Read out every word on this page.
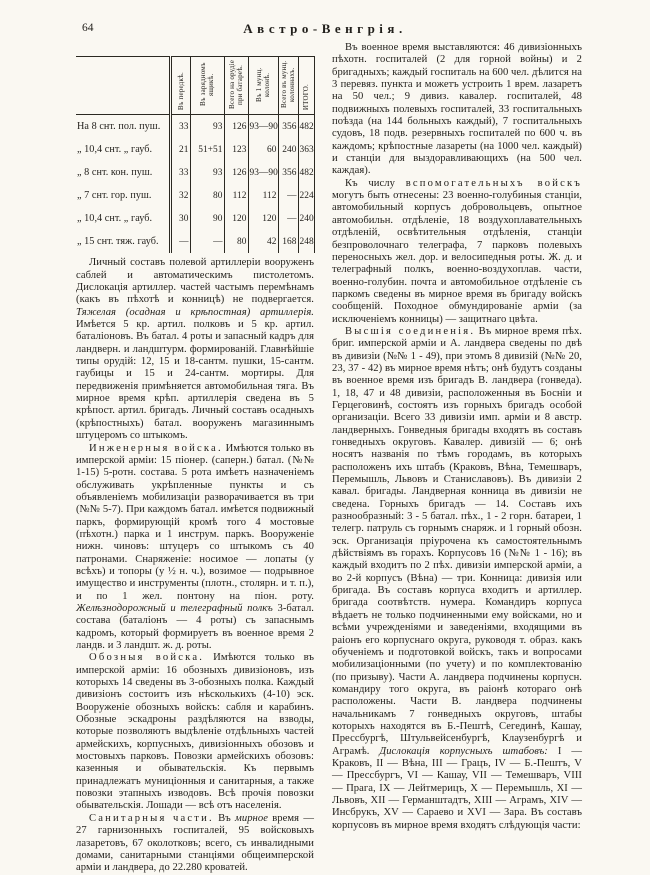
64	Австро-Венгрія.
	Въ передкѣ.	Въ зарядномъ ящикѣ.	Всего на орудіе при батареѣ.	Въ 1 мунц. колонѣ.	Всего въ мунц. колоннахъ.	ИТОГО.
На 8 снт. пол. пуш.	33	93	126	93—90	356	482
„ 10,4 снт. „ гауб.	21	51+51	123	60	240	363
„ 8 снт. кон. пуш.	33	93	126	93—90	356	482
„ 7 снт. гор. пуш.	32	80	112	112	—	224
„ 10,4 снт. „ гауб.	30	90	120	120	—	240
„ 15 снт. тяж. гауб.	—	—	80	42	168	248

Личный составъ полевой артиллеріи вооруженъ саблей и автоматическимъ пистолетомъ. Дислокація артиллер. частей частымъ перемѣнамъ (какъ въ пѣхотѣ и конницѣ) не подвергается. Тяжелая (осадная и крѣпостная) артиллерія. Имѣется 5 кр. артил. полковъ и 5 кр. артил. баталіоновъ. Въ батал. 4 роты и запасный кадръ для ландверн. и ландштурм. формированій. Главнѣйшіе типы орудій: 12, 15 и 18-сантм. пушки, 15-сантм. гаубицы и 15 и 24-сантм. мортиры. Для передвиженія примѣняется автомобильная тяга. Въ мирное время крѣп. артиллерія сведена въ 5 крѣпост. артил. бригадъ. Личный составъ осадныхъ (крѣпостныхъ) батал. вооруженъ магазиннымъ штуцеромъ со штыкомъ.

Инженерныя войска. Имѣются только въ имперской арміи: 15 піонер. (саперн.) батал. (№№ 1-15) 5-ротн. состава. 5 рота имѣетъ назначеніемъ обслуживать укрѣпленные пункты и съ объявленіемъ мобилизаціи разворачивается въ три (№№ 5-7). При каждомъ батал. имѣется подвижный паркъ, формирующій кромѣ того 4 мостовые (пѣхотн.) парка и 1 инструм. паркъ. Вооруженіе нижн. чиновъ: штуцеръ со штыкомъ съ 40 патронами. Снаряженіе: носимое — лопаты (у всѣхъ) и топоры (у ½ н. ч.), возимое — подрывное имущество и инструменты (плотн., столярн. и т. п.), и по 1 жел. понтону на піон. роту. Желѣзнодорожный и телеграфный полкъ 3-батал. состава (баталіонъ — 4 роты) съ запаснымъ кадромъ, который формируетъ въ военное время 2 ландв. и 3 ландшт. ж. д. роты.

Обозныя войска. Имѣются только въ имперской арміи: 16 обозныхъ дивизіоновъ, изъ которыхъ 14 сведены въ 3-обозныхъ полка. Каждый дивизіонъ состоитъ изъ нѣсколькихъ (4-10) эск. Вооруженіе обозныхъ войскъ: сабля и карабинъ. Обозные эскадроны раздѣляются на взводы, которые позволяютъ выдѣленіе отдѣльныхъ частей армейскихъ, корпусныхъ, дивизіонныхъ обозовъ и мостовыхъ парковъ. Повозки армейскихъ обозовъ: казенныя и обывательскія. Къ первымъ принадлежатъ муниціонныя и санитарныя, а также повозки этапныхъ изводовъ. Всѣ прочія повозки обывательскія. Лошади — всѣ отъ населенія.

Санитарныя части. Въ мирное время — 27 гарнизонныхъ госпиталей, 95 войсковыхъ лазаретовъ, 67 околотковъ; всего, съ инвалидными домами, санитарными станціями общеимперской арміи и ландвера, до 22.280 кроватей.

Въ военное время выставляются: 46 дивизіонныхъ пѣхотн. госпиталей (2 для горной войны) и 2 бригадныхъ; каждый госпиталь на 600 чел. дѣлится на 3 перевяз. пункта и можетъ устроить 1 врем. лазаретъ на 50 чел.; 9 дивиз. кавалер. госпиталей, 48 подвижныхъ полевыхъ госпиталей, 33 госпитальныхъ поѣзда (на 144 больныхъ каждый), 7 госпитальныхъ судовъ, 18 подв. резервныхъ госпиталей по 600 ч. въ каждомъ; крѣпостные лазареты (на 1000 чел. каждый) и станціи для выздоравливающихъ (на 500 чел. каждая).

Къ числу вспомогательныхъ войскъ могутъ быть отнесены: 23 военно-голубиныя станціи, автомобильный корпусъ добровольцевъ, опытное автомобильн. отдѣленіе, 18 воздухоплавательныхъ отдѣленій, освѣтительныя отдѣленія, станціи безпроволочнаго телеграфа, 7 парковъ полевыхъ переносныхъ жел. дор. и велосипедныя роты. Ж. д. и телеграфный полкъ, военно-воздухоплав. части, военно-голубин. почта и автомобильное отдѣленіе съ паркомъ сведены въ мирное время въ бригаду войскъ сообщеній. Походное обмундированіе арміи (за исключеніемъ конницы) — защитнаго цвѣта.

Высшія соединенія. Въ мирное время пѣх. бриг. имперской арміи и А. ландвера сведены по двѣ въ дивизіи (№№ 1 - 49), при этомъ 8 дивизій (№№ 20, 23, 37 - 42) въ мирное время нѣтъ; онѣ будутъ созданы въ военное время изъ бригадъ В. ландвера (гонведа). 1, 18, 47 и 48 дивизіи, расположенныя въ Босніи и Герцеговинѣ, состоятъ изъ горныхъ бригадъ особой организаціи. Всего 33 дивизіи имп. арміи и 8 австр. ландверныхъ. Гонведныя бригады входятъ въ составъ гонведныхъ округовъ. Кавалер. дивизій — 6; онѣ носятъ названія по тѣмъ городамъ, въ которыхъ расположенъ ихъ штабъ (Краковъ, Вѣна, Темешваръ, Перемышль, Львовъ и Станиславовъ). Въ дивизіи 2 кавал. бригады. Ландверная конница въ дивизіи не сведена. Горныхъ бригадъ — 14. Составъ ихъ разнообразный: 3 - 5 батал. пѣх., 1 - 2 горн. батареи, 1 телегр. патруль съ горнымъ снаряж. и 1 горный обозн. эск. Организація пріурочена къ самостоятельнымъ дѣйствіямъ въ горахъ. Корпусовъ 16 (№№ 1 - 16); въ каждый входитъ по 2 пѣх. дивизіи имперской арміи, а во 2-й корпусъ (Вѣна) — три. Конница: дивизія или бригада. Въ составъ корпуса входитъ и артиллер. бригада соотвѣтств. нумера. Командиръ корпуса вѣдаетъ не только подчиненными ему войсками, но и всѣми учрежденіями и заведеніями, входящими въ раіонъ его корпуснаго округа, руководя т. образ. какъ обученіемъ и подготовкой войскъ, такъ и вопросами мобилизаціонными (по учету) и по комплектованію (по призыву). Части А. ландвера подчинены корпусн. командиру того округа, въ раіонѣ котораго онѣ расположены. Части В. ландвера подчинены начальникамъ 7 гонведныхъ округовъ, штабы которыхъ находятся въ Б.-Пештѣ, Сегединѣ, Кашау, Прессбургѣ, Штульвейсенбургѣ, Клаузенбургѣ и Аграмѣ. Дислокація корпусныхъ штабовъ: I — Краковъ, II — Вѣна, III — Грацъ, IV — Б.-Пештъ, V — Прессбургъ, VI — Кашау, VII — Темешваръ, VIII — Прага, IX — Лейтмерицъ, X — Перемышль, XI — Львовъ, XII — Германштадтъ, XIII — Аграмъ, XIV — Инсбрукъ, XV — Сараево и XVI — Зара. Въ составъ корпусовъ въ мирное время входятъ слѣдующія части:
